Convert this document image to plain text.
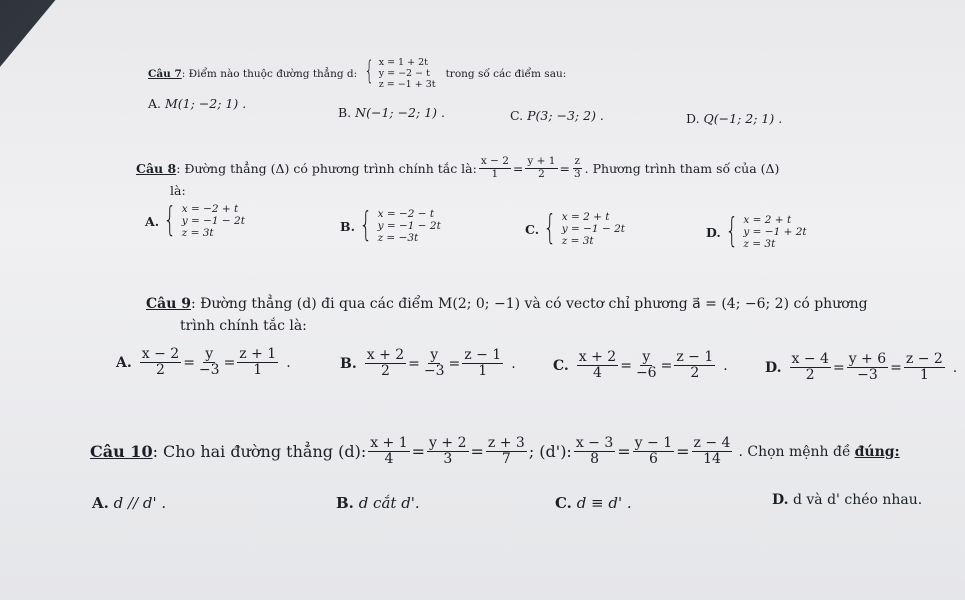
Câu 7 : Điểm nào thuộc đường thẳng d: { x = 1 + 2t
y = −2 − t
z = −1 + 3t
trong số các điểm sau:
A. M(1; −2; 1) .
B. N(−1; −2; 1) .	C. P(3; −3; 2) .	D. Q(−1; 2; 1) .
Câu 8 : Đường thẳng (Δ) có phương trình chính tắc là: $\frac{x - 2}{1} = \frac{y + 1}{2} = \frac{z}{3}$ . Phương trình tham số của (Δ)
là:
A. { x = −2 + t
y = −1 − 2t
z = 3t	B. { x = −2 − t
y = −1 − 2t
z = −3t
C. { x = 2 + t
y = −1 − 2t
z = 3t
D. { x = 2 + t
y = −1 + 2t
z = 3t
Câu 9: Đường thẳng (d) đi qua các điểm M(2; 0; −1) và có vectơ chỉ phương a⃗ = (4; −6; 2) có phương
trình chính tắc là:
A. $\frac{x - 2}{2} = \frac{y}{-3} = \frac{z + 1}{1}$ .	B. $\frac{x + 2}{2} = \frac{y}{-3} = \frac{z - 1}{1}$ .	C. $\frac{x + 2}{4} = \frac{y}{-6} = \frac{z - 1}{2}$ .	D. $\frac{x - 4}{2} = \frac{y + 6}{-3} = \frac{z - 2}{1}$ .
Câu 10 : Cho hai đường thẳng (d): $\frac{x + 1}{4} = \frac{y + 2}{3} = \frac{z + 3}{7}$ ; (d'): $\frac{x - 3}{8} = \frac{y - 1}{6} = \frac{z - 4}{14}$ . Chọn mệnh đề đúng:
A. d // d' .	B. d cắt d'.	C. d ≡ d' .	D. d và d' chéo nhau.
